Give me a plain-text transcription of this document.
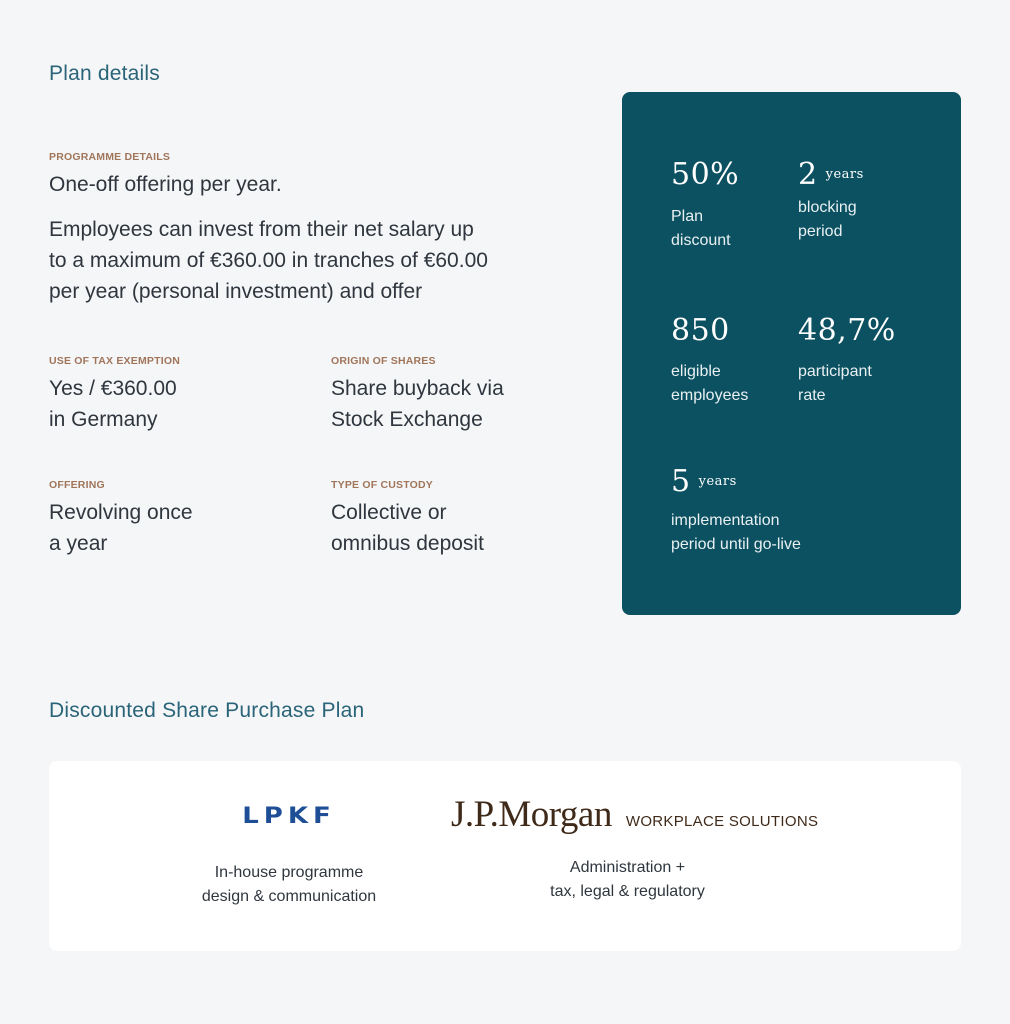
Plan details

PROGRAMME DETAILS

One-off offering per year.

Employees can invest from their net salary up

to a maximum of €360.00 in tranches of €60.00

per year (personal investment) and offer

USE OF TAX EXEMPTION

Yes / €360.00

in Germany

ORIGIN OF SHARES

Share buyback via

Stock Exchange

OFFERING

Revolving once

a year

TYPE OF CUSTODY

Collective or

omnibus deposit

50%
Plan
discount
2 $^{years}$
blocking
period
850
eligible
employees
48,7%
participant
rate
5 $^{years}$
implementation
period until go-live
Discounted Share Purchase Plan
LPKF
In-house programme
design & communication
J.P.Morgan WORKPLACE SOLUTIONS
Administration +
tax, legal & regulatory
